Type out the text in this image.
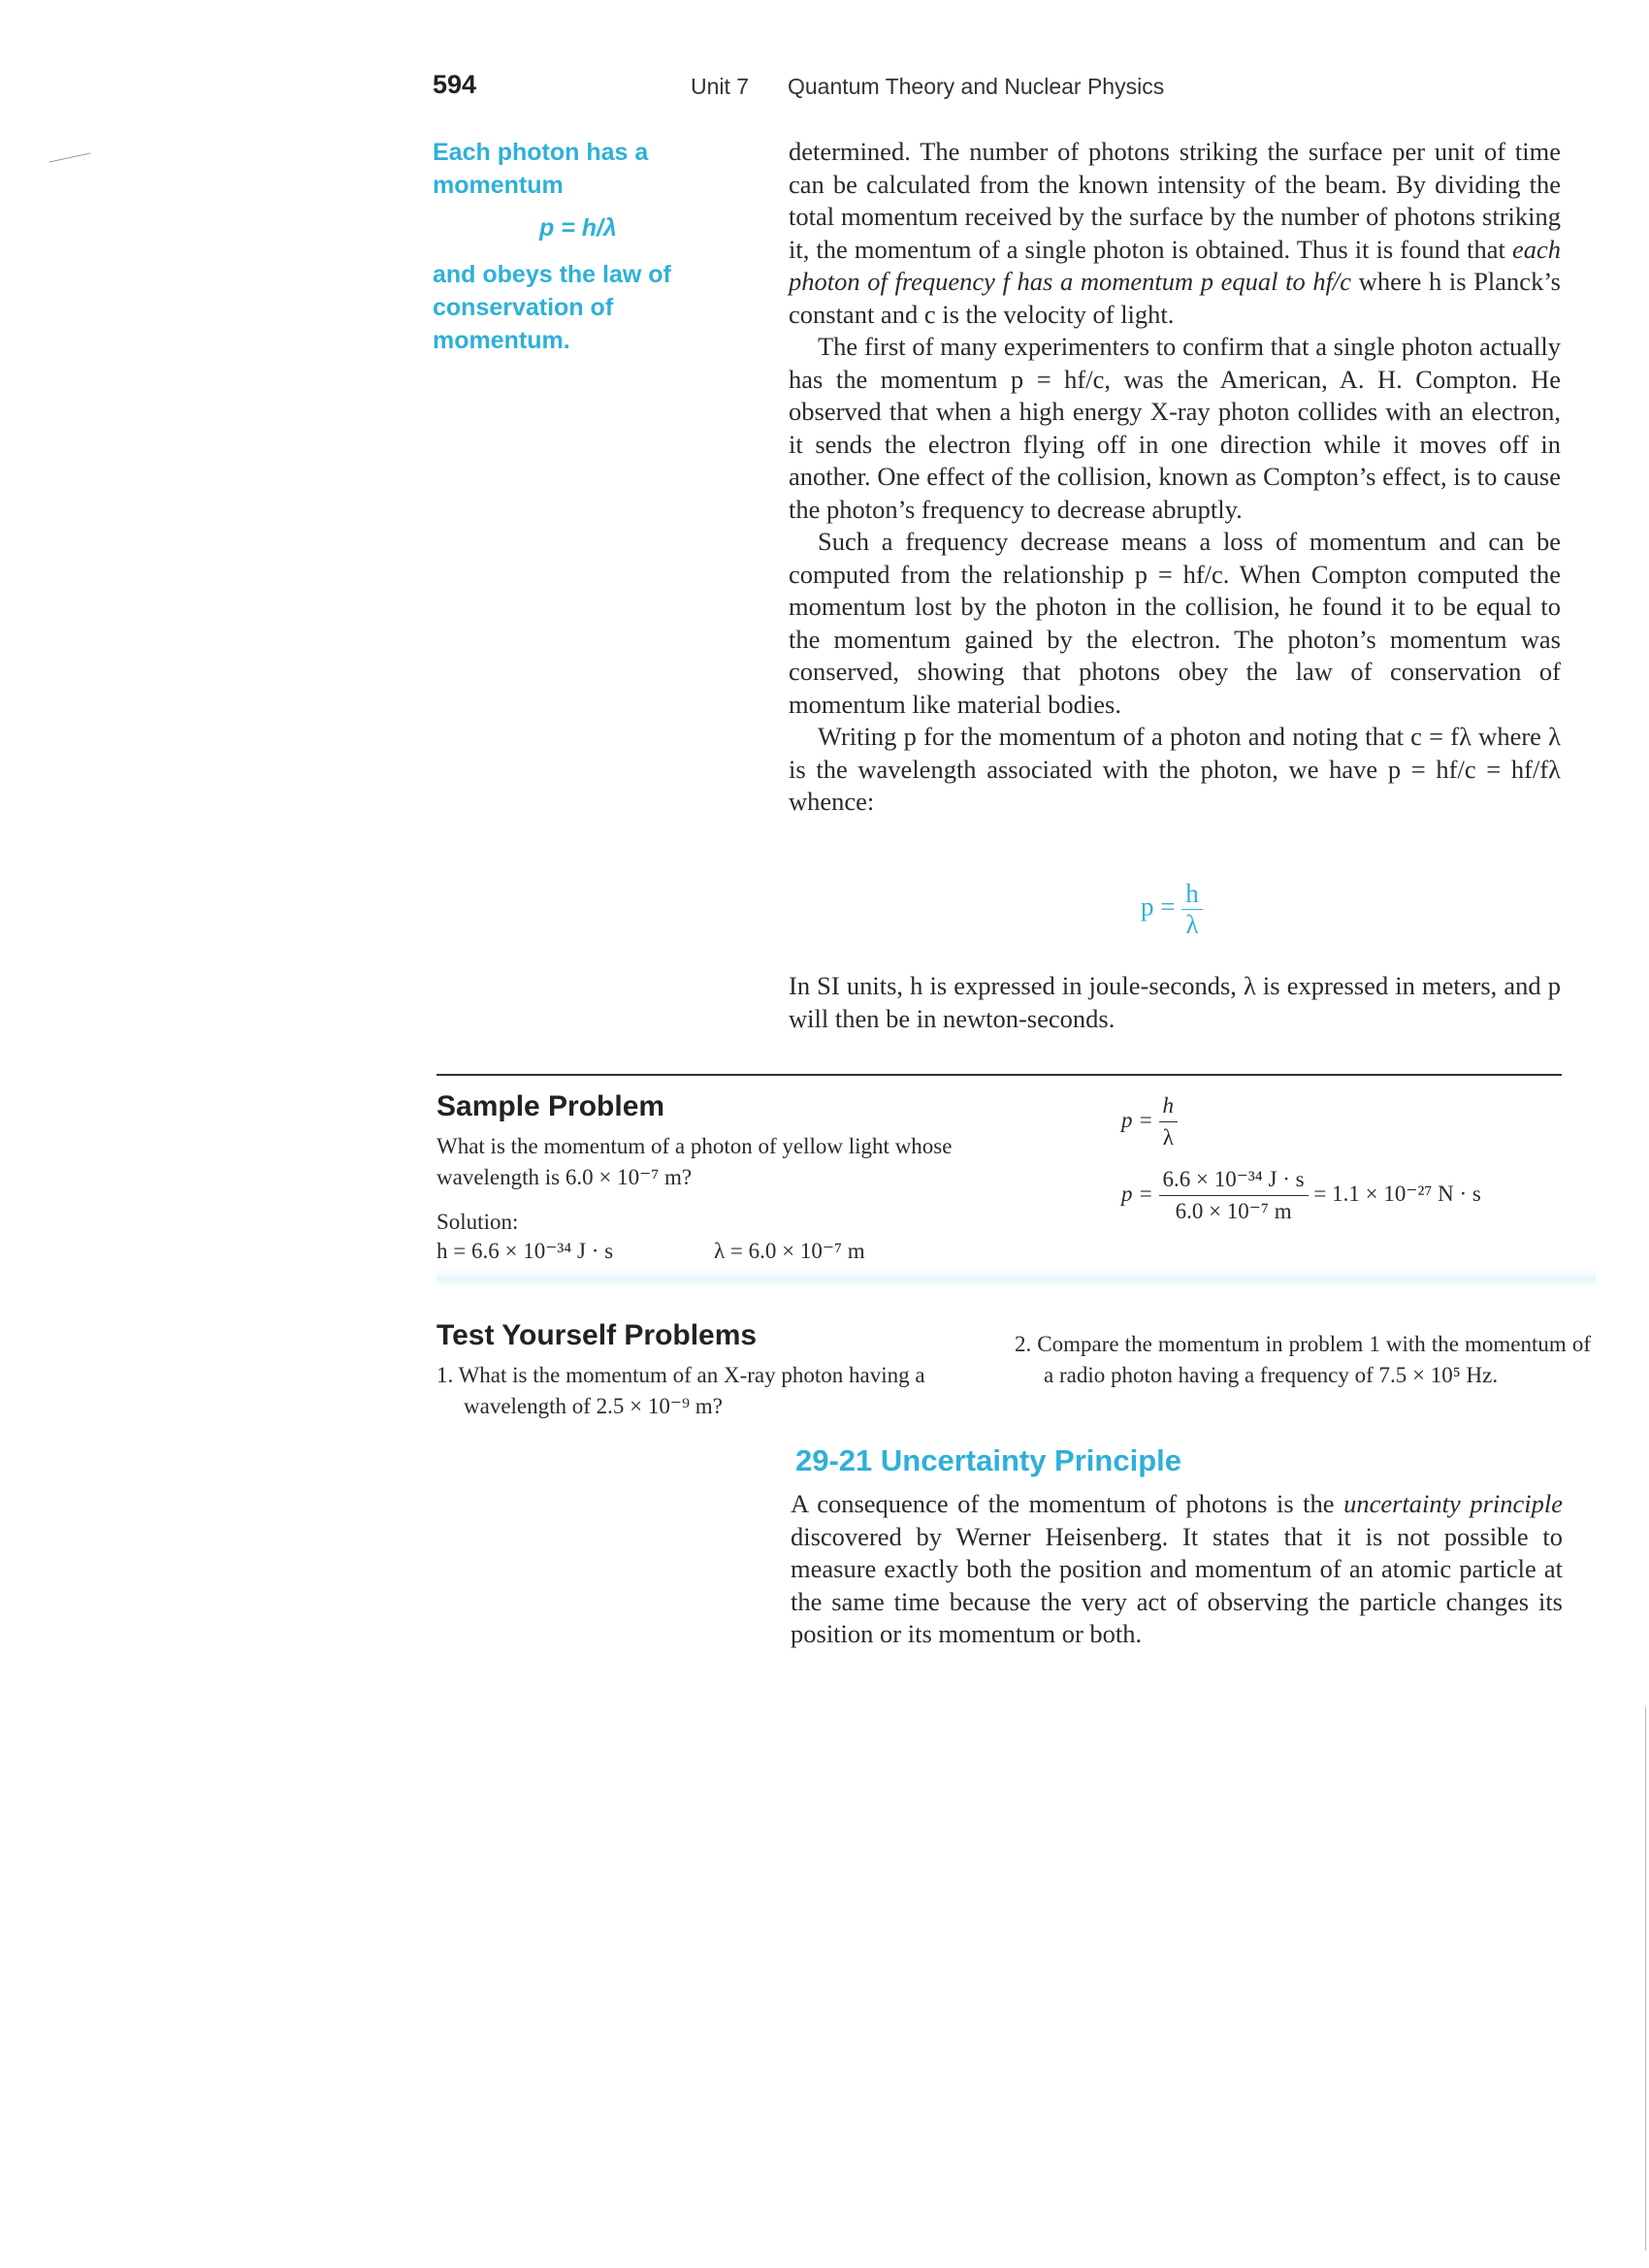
594	Unit 7 Quantum Theory and Nuclear Physics
Each photon has a momentum
p = h/λ
and obeys the law of conservation of momentum.

determined. The number of photons striking the surface per unit of time can be calculated from the known intensity of the beam. By dividing the total momentum received by the surface by the number of photons striking it, the momentum of a single photon is obtained. Thus it is found that each photon of frequency f has a momentum p equal to hf/c where h is Planck’s constant and c is the velocity of light.

The first of many experimenters to confirm that a single photon actually has the momentum p = hf/c, was the American, A. H. Compton. He observed that when a high energy X-ray photon collides with an electron, it sends the electron flying off in one direction while it moves off in another. One effect of the collision, known as Compton’s effect, is to cause the photon’s frequency to decrease abruptly.

Such a frequency decrease means a loss of momentum and can be computed from the relationship p = hf/c. When Compton computed the momentum lost by the photon in the collision, he found it to be equal to the momentum gained by the electron. The photon’s momentum was conserved, showing that photons obey the law of conservation of momentum like material bodies.

Writing p for the momentum of a photon and noting that c = fλ where λ is the wavelength associated with the photon, we have p = hf/c = hf/fλ whence:

$p = \frac{h}{\lambda}$
In SI units, h is expressed in joule-seconds, λ is expressed in meters, and p will then be in newton-seconds.
Sample Problem
What is the momentum of a photon of yellow light whose wavelength is 6.0 × 10⁻⁷ m?
Solution:
h = 6.6 × 10⁻³⁴ J · s	λ = 6.0 × 10⁻⁷ m
$p = \frac{h}{\lambda}$
$p = \frac{\text{6.6 × 10⁻³⁴ J · s}}{\text{6.0 × 10⁻⁷ m}} = 1.1 \times 10^{-27}$ N · s
Test Yourself Problems
1. What is the momentum of an X-ray photon having a wavelength of 2.5 × 10⁻⁹ m?
2. Compare the momentum in problem 1 with the momentum of a radio photon having a frequency of 7.5 × 10⁵ Hz.
29-21 Uncertainty Principle
A consequence of the momentum of photons is the uncertainty principle discovered by Werner Heisenberg. It states that it is not possible to measure exactly both the position and momentum of an atomic particle at the same time because the very act of observing the particle changes its position or its momentum or both.
